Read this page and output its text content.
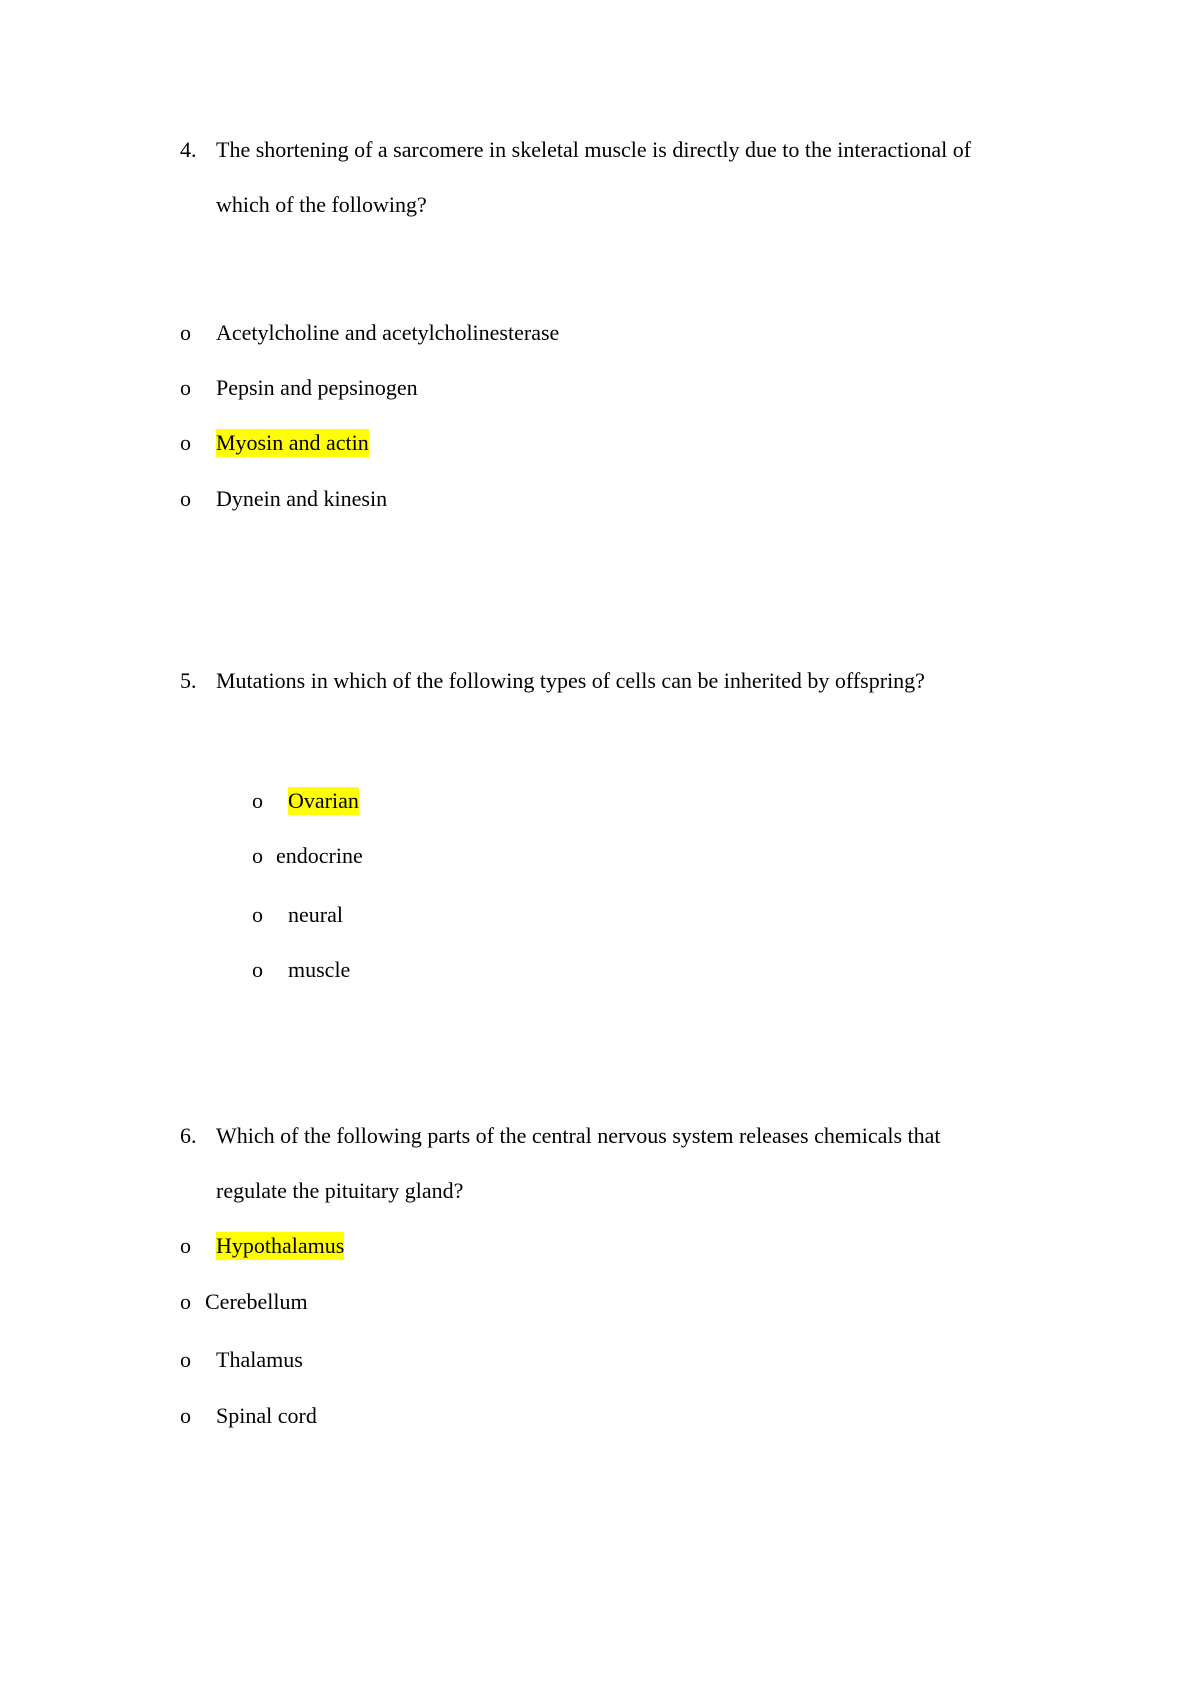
4. The shortening of a sarcomere in skeletal muscle is directly due to the interactional of
which of the following?
o Acetylcholine and acetylcholinesterase
o Pepsin and pepsinogen
o Myosin and actin
o Dynein and kinesin
5. Mutations in which of the following types of cells can be inherited by offspring?
o Ovarian
o endocrine
o neural
o muscle
6. Which of the following parts of the central nervous system releases chemicals that
regulate the pituitary gland?
o Hypothalamus
o Cerebellum
o Thalamus
o Spinal cord
